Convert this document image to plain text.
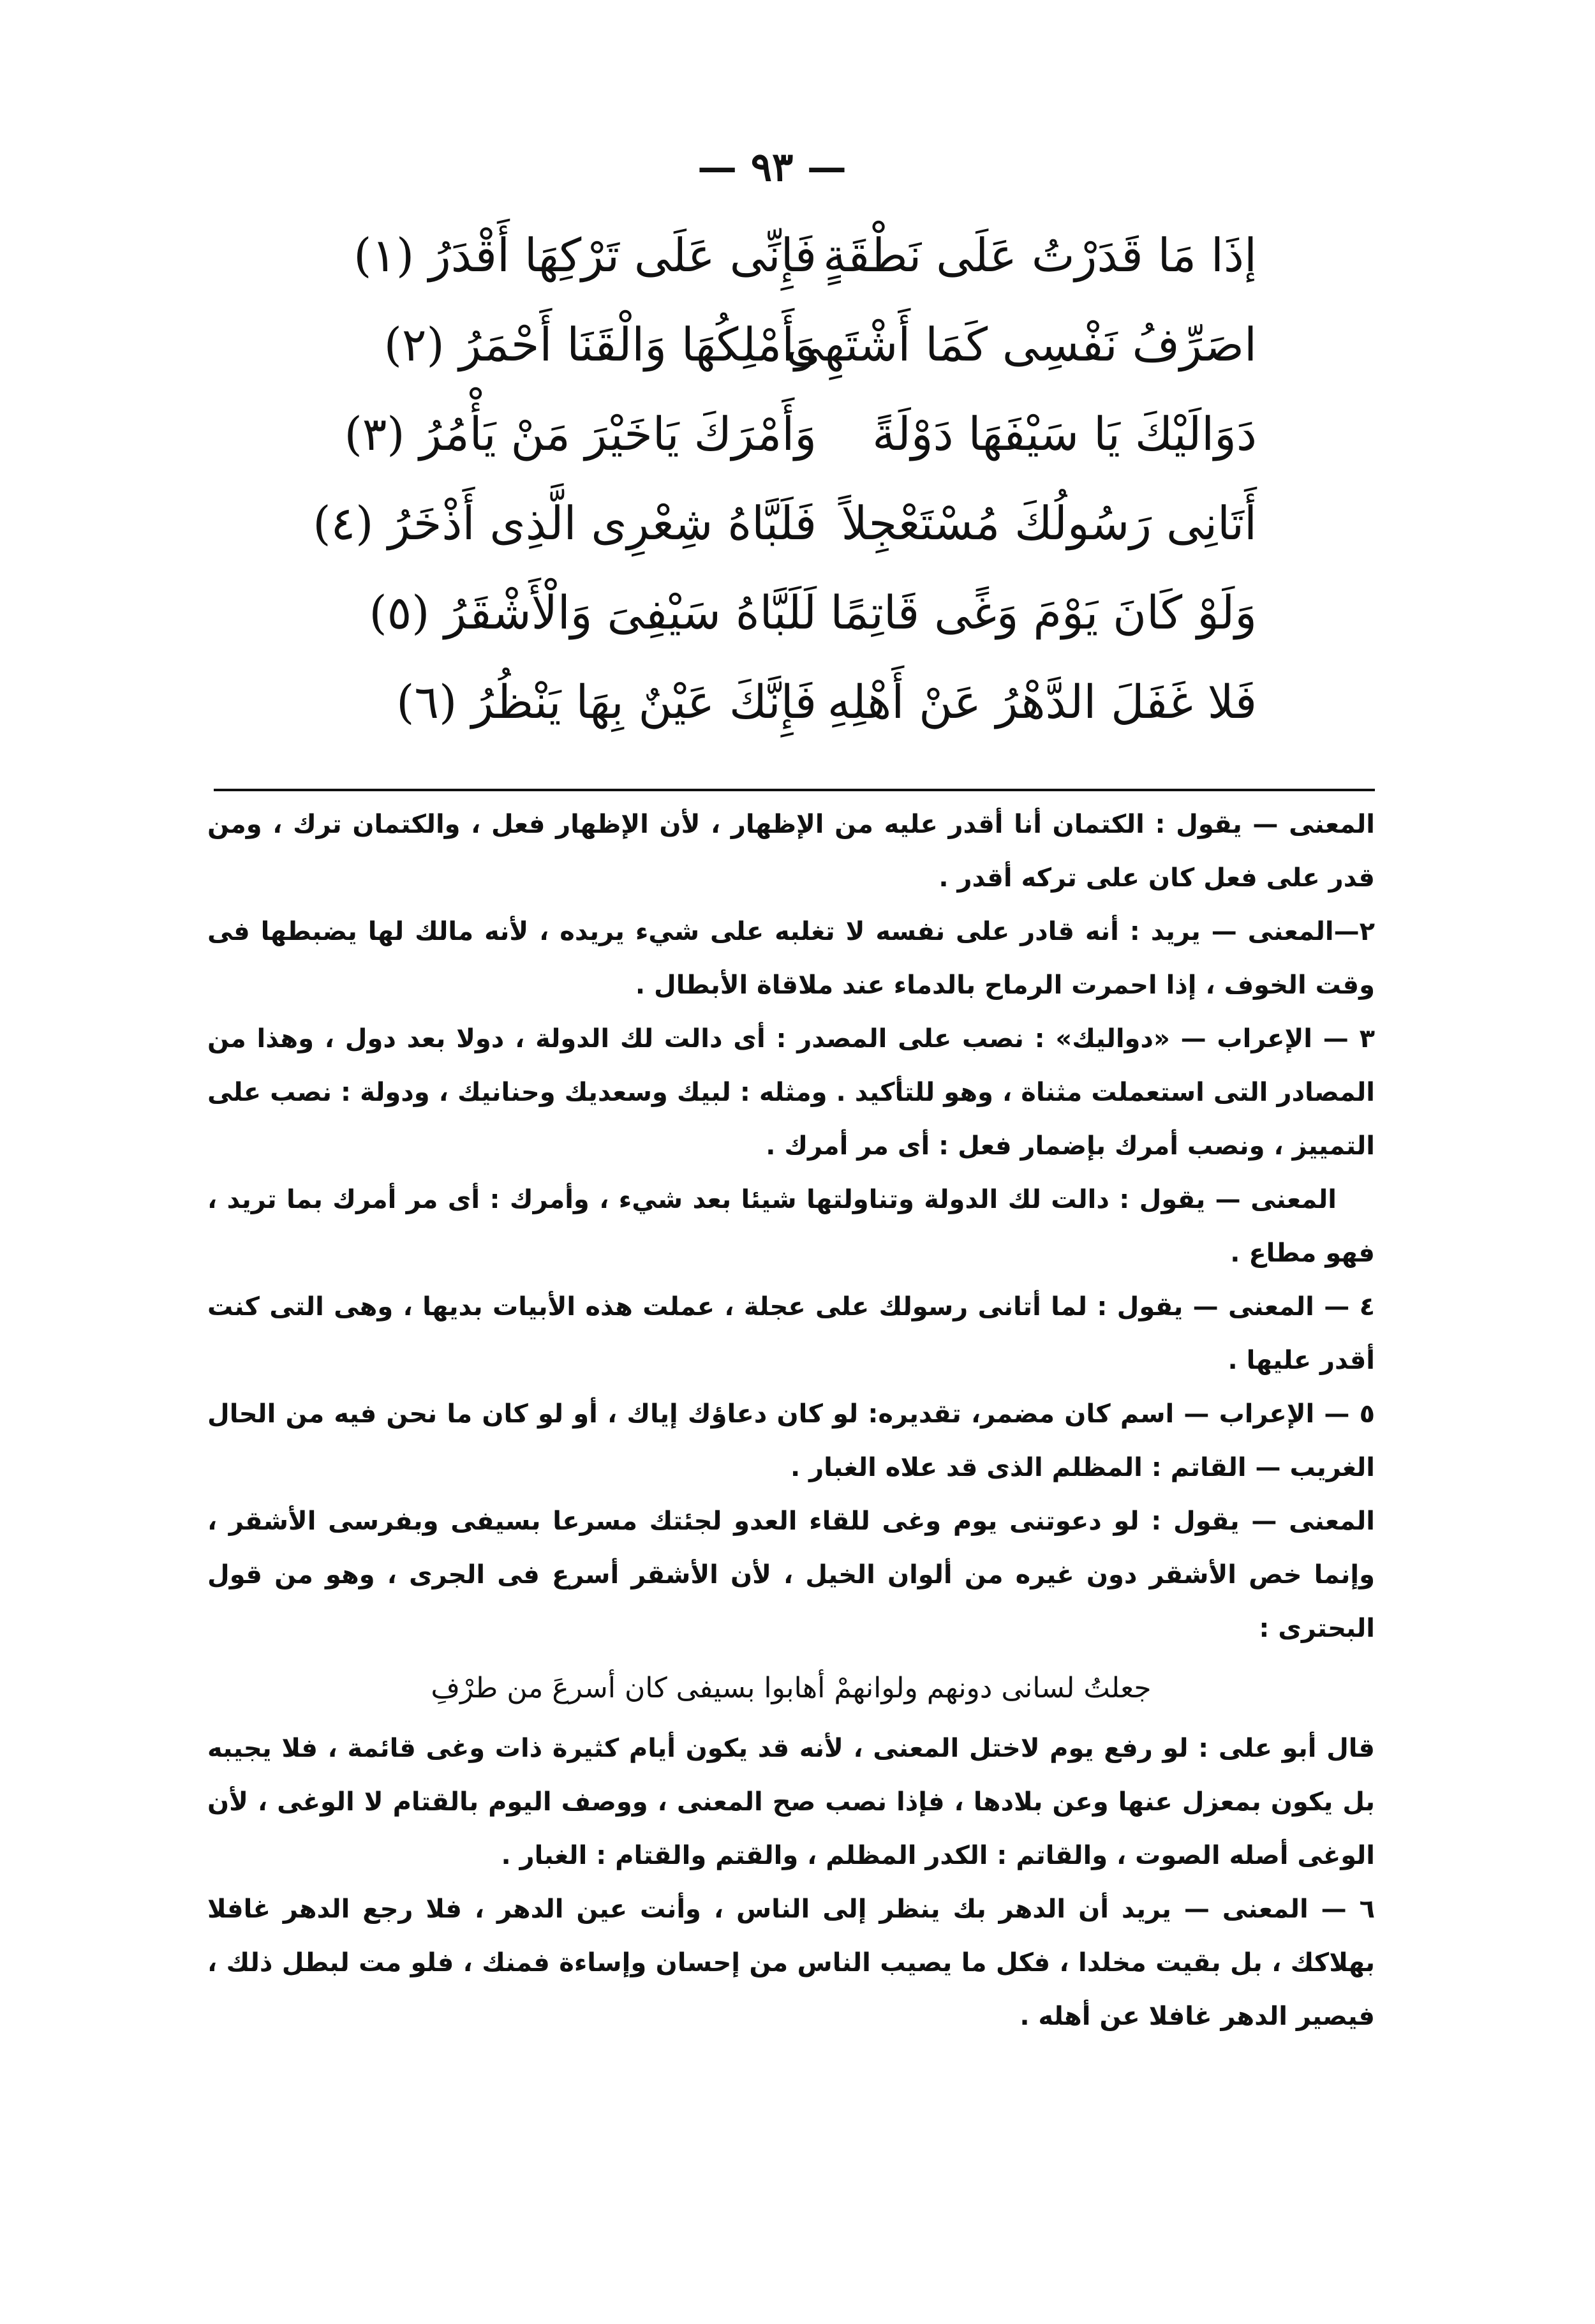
— ٩٣ —
إذَا مَا قَدَرْتُ عَلَى نَطْقَةٍ
فَإِنِّى عَلَى تَرْكِهَا أَقْدَرُ (١)
اصَرِّفُ نَفْسِى كَمَا أَشْتَهِى
وَأَمْلِكُهَا وَالْقَنَا أَحْمَرُ (٢)
دَوَالَيْكَ يَا سَيْفَهَا دَوْلَةً
وَأَمْرَكَ يَاخَيْرَ مَنْ يَأْمُرُ (٣)
أَتَانِى رَسُولُكَ مُسْتَعْجِلاً
فَلَبَّاهُ شِعْرِى الَّذِى أَذْخَرُ (٤)
وَلَوْ كَانَ يَوْمَ وَغًى قَاتِمًا
لَلَبَّاهُ سَيْفِىَ وَالْأَشْقَرُ (٥)
فَلا غَفَلَ الدَّهْرُ عَنْ أَهْلِهِ
فَإِنَّكَ عَيْنٌ بِهَا يَنْظُرُ (٦)

المعنى — يقول : الكتمان أنا أقدر عليه من الإظهار ، لأن الإظهار فعل ، والكتمان ترك ، ومن قدر على فعل كان على تركه أقدر .

٢—المعنى — يريد : أنه قادر على نفسه لا تغلبه على شيء يريده ، لأنه مالك لها يضبطها فى وقت الخوف ، إذا احمرت الرماح بالدماء عند ملاقاة الأبطال .

٣ — الإعراب — «دواليك» : نصب على المصدر : أى دالت لك الدولة ، دولا بعد دول ، وهذا من المصادر التى استعملت مثناة ، وهو للتأكيد . ومثله : لبيك وسعديك وحنانيك ، ودولة : نصب على التمييز ، ونصب أمرك بإضمار فعل : أى مر أمرك .

المعنى — يقول : دالت لك الدولة وتناولتها شيئا بعد شيء ، وأمرك : أى مر أمرك بما تريد ، فهو مطاع .

٤ — المعنى — يقول : لما أتانى رسولك على عجلة ، عملت هذه الأبيات بديها ، وهى التى كنت أقدر عليها .

٥ — الإعراب — اسم كان مضمر، تقديره: لو كان دعاؤك إياك ، أو لو كان ما نحن فيه من الحال الغريب — القاتم : المظلم الذى قد علاه الغبار .

المعنى — يقول : لو دعوتنى يوم وغى للقاء العدو لجئتك مسرعا بسيفى وبفرسى الأشقر ، وإنما خص الأشقر دون غيره من ألوان الخيل ، لأن الأشقر أسرع فى الجرى ، وهو من قول البحترى :

جعلتُ لسانى دونهم ولوانهمْ أهابوا بسيفى كان أسرعَ من طرْفِ

قال أبو على : لو رفع يوم لاختل المعنى ، لأنه قد يكون أيام كثيرة ذات وغى قائمة ، فلا يجيبه بل يكون بمعزل عنها وعن بلادها ، فإذا نصب صح المعنى ، ووصف اليوم بالقتام لا الوغى ، لأن الوغى أصله الصوت ، والقاتم : الكدر المظلم ، والقتم والقتام : الغبار .

٦ — المعنى — يريد أن الدهر بك ينظر إلى الناس ، وأنت عين الدهر ، فلا رجع الدهر غافلا بهلاكك ، بل بقيت مخلدا ، فكل ما يصيب الناس من إحسان وإساءة فمنك ، فلو مت لبطل ذلك ، فيصير الدهر غافلا عن أهله .
